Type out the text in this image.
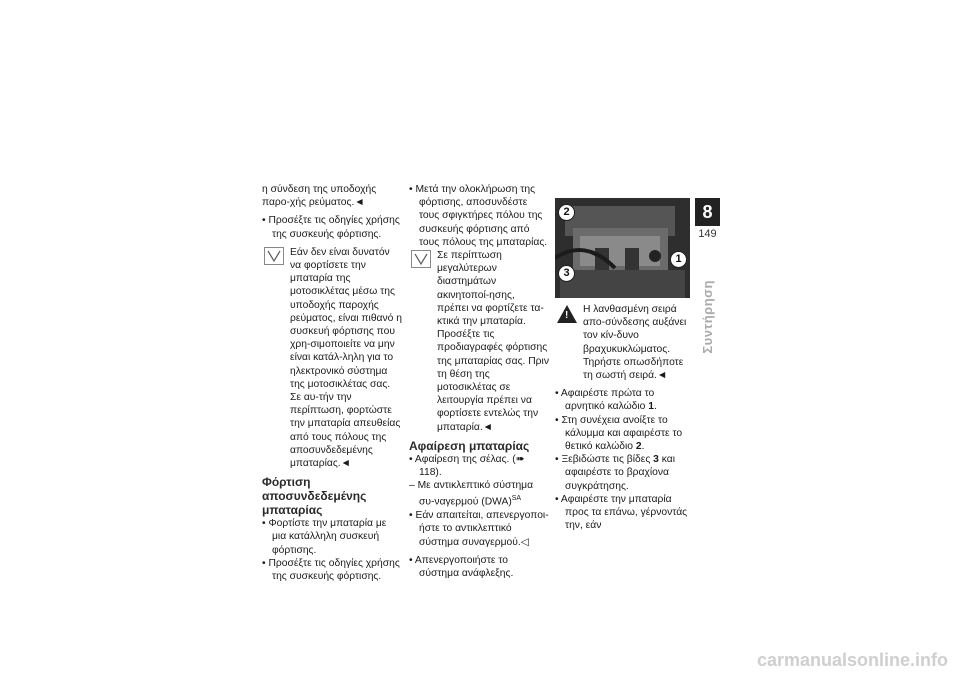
η σύνδεση της υποδοχής παρο-χής ρεύματος.◄

• Προσέξτε τις οδηγίες χρήσης της συσκευής φόρτισης.

Εάν δεν είναι δυνατόν να φορτίσετε την μπαταρία της μοτοσικλέτας μέσω της υποδοχής παροχής ρεύματος, είναι πιθανό η συσκευή φόρτισης που χρη-σιμοποιείτε να μην είναι κατάλ-ληλη για το ηλεκτρονικό σύστημα της μοτοσικλέτας σας. Σε αυ-τήν την περίπτωση, φορτώστε την μπαταρία απευθείας από τους πόλους της αποσυνδεδεμένης μπαταρίας.◄

Φόρτιση αποσυνδεδεμένης μπαταρίας

• Φορτίστε την μπαταρία με μια κατάλληλη συσκευή φόρτισης.

• Προσέξτε τις οδηγίες χρήσης της συσκευής φόρτισης.

• Μετά την ολοκλήρωση της φόρτισης, αποσυνδέστε τους σφιγκτήρες πόλου της συσκευής φόρτισης από τους πόλους της μπαταρίας.

Σε περίπτωση μεγαλύτερων διαστημάτων ακινητοποί-ησης, πρέπει να φορτίζετε τα-κτικά την μπαταρία. Προσέξτε τις προδιαγραφές φόρτισης της μπαταρίας σας. Πριν τη θέση της μοτοσικλέτας σε λειτουργία πρέπει να φορτίσετε εντελώς την μπαταρία.◄

Αφαίρεση μπαταρίας

• Αφαίρεση της σέλας. (➠ 118).

– Με αντικλεπτικό σύστημα συ-ναγερμού (DWA)$^{SA}$

• Εάν απαιτείται, απενεργοποι-ήστε το αντικλεπτικό σύστημα συναγερμού.◁

• Απενεργοποιήστε το σύστημα ανάφλεξης.

2
1
3
!

Η λανθασμένη σειρά απο-σύνδεσης αυξάνει τον κίν-δυνο βραχυκυκλώματος. Τηρήστε οπωσδήποτε τη σωστή σειρά.◄

• Αφαιρέστε πρώτα το αρνητικό καλώδιο 1.

• Στη συνέχεια ανοίξτε το κάλυμμα και αφαιρέστε το θετικό καλώδιο 2.

• Ξεβιδώστε τις βίδες 3 και αφαιρέστε το βραχίονα συγκράτησης.

• Αφαιρέστε την μπαταρία προς τα επάνω, γέρνοντάς την, εάν

8
149
Συντήρηση
carmanualsonline.info
